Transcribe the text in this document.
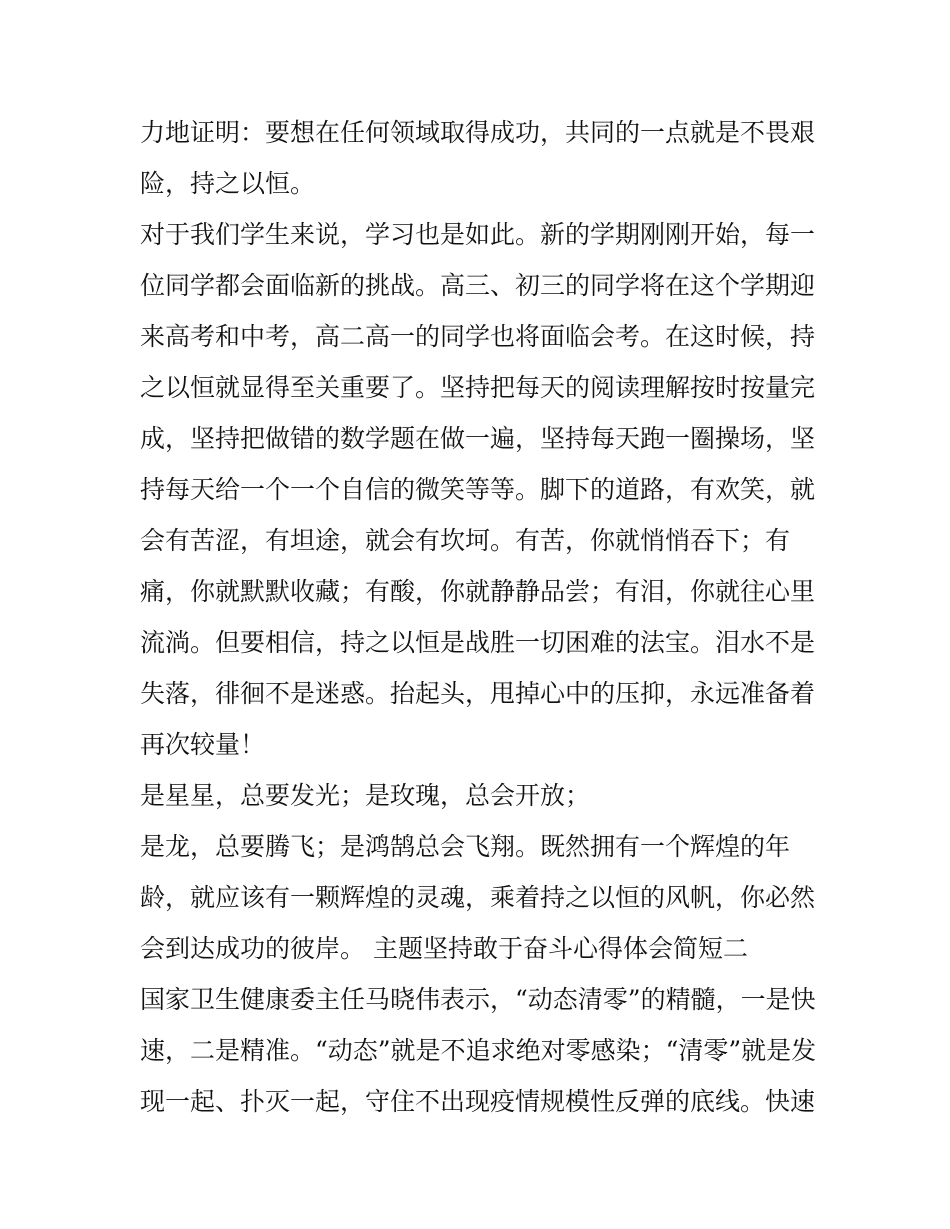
力地证明：要想在任何领域取得成功，共同的一点就是不畏艰
险，持之以恒。
对于我们学生来说，学习也是如此。新的学期刚刚开始，每一
位同学都会面临新的挑战。高三、初三的同学将在这个学期迎
来高考和中考，高二高一的同学也将面临会考。在这时候，持
之以恒就显得至关重要了。坚持把每天的阅读理解按时按量完
成，坚持把做错的数学题在做一遍，坚持每天跑一圈操场，坚
持每天给一个一个自信的微笑等等。脚下的道路，有欢笑，就
会有苦涩，有坦途，就会有坎坷。有苦，你就悄悄吞下；有
痛，你就默默收藏；有酸，你就静静品尝；有泪，你就往心里
流淌。但要相信，持之以恒是战胜一切困难的法宝。泪水不是
失落，徘徊不是迷惑。抬起头，甩掉心中的压抑，永远准备着
再次较量！
是星星，总要发光；是玫瑰，总会开放；
是龙，总要腾飞；是鸿鹄总会飞翔。既然拥有一个辉煌的年
龄，就应该有一颗辉煌的灵魂，乘着持之以恒的风帆，你必然
会到达成功的彼岸。 主题坚持敢于奋斗心得体会简短二
国家卫生健康委主任马晓伟表示，“动态清零”的精髓，一是快
速，二是精准。“动态”就是不追求绝对零感染；“清零”就是发
现一起、扑灭一起，守住不出现疫情规模性反弹的底线。快速
